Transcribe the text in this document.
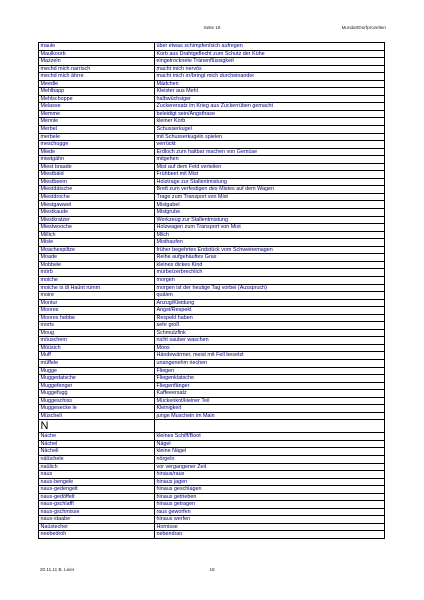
Seite 18	MundartDorfprozelten
maule	über etwas schimpfen/sich aufregen
Maulkoorb	Korb aus Drahtgeflecht zum Schutz der Kühe
Mazzeln	eingetrocknete Tränenflüssigkeit
mechd mich narrisch	macht mich nervös
mechd mich ährre	macht mich irr/bringt mich durcheinander
Meedle	Mädchen
Mehlbapp	Kleister aus Mehl
Mehlschoppe	halbwüchsiger
Melasse	Zuckerersatz im Krieg aus Zuckerrüben gemacht
Memme	beleidigt sein/Angsthase
Mennle	kleiner Korb
Merbel	Schusserkugel
merbele	mit Schusserkugeln spielen
meschugge	verrückt
Miede	Erdloch zum haltbar machen von Gemüse
miedgähn	mitgehen
Miest braade	Mist auf dem Feld verteilen
Miestbäid	Frühbeet mit Mist
Miestbeern	Holztrage zur Stallentmistung
Miestdätsche	Brett zum verfestigen des Mistes auf dem Wagen
Miestdroche	Trage zum Transport von Mist
Miestgawwel	Mistgabel
Miestkaude	Mistgrube
Miestkratzer	Werkzeug zur Stallentmistung
Miestwooche	Holzwagen zum Transport von Mist
Millich	Milch
Misle	Misthaufen
Moachespiltze	früher begehrtes Endstück vom Schweinemagen
Moade	Reihe aufgehäuftes Gras
Mobbele	kleines dickes Kind
mörb	mürbe/zerbrechlich
moiche	morgen
moiche is di Haünt rümm	morgen ist der heutige Tag vorbei (Ausspruch)
moire	quälen
Montur	Anzug/Kleidung
Moores	Angst/Respekt
Moores hebbe	Respekt haben
morts	sehr groß
Moug	Schmutzfink
möuschern	nicht sauber waschen
Möüsich	Moos
Muff	Händewärmer, meist mit Fell besetzt
müffele	unangenehm riechen
Mugge	Fliegen
Muggedatsche	Fliegenklatsche
Muggefenger	Fliegenfänger
Muggefugg	Kaffeeersatz
Muggeschiss	Mückenkot/kleiner Teil
Muggesecke le	Kleinigkeit
Müscheli	junge Muscheln im Main
N	
Nache	kleines Schiff/Boot
Nächel	Nägel
Nächeli	kleine Nägel
nälüchele	nörgeln
naülich	vor vergangener Zeit
naus	hinaus/raus
naus-bengele	hinaus jagen
naus-gedengelt	hinaus geschlagen
naus-gedöffelt	hinaus getrieben
naus-gschlaffl	hinaus getragen
naus-gschmisse	raus geworfen
naus-staabe	hinaus werfen
Naüstecher	Hornisse
neebedroh	nebendran
20.11.11 B. Leier	18
